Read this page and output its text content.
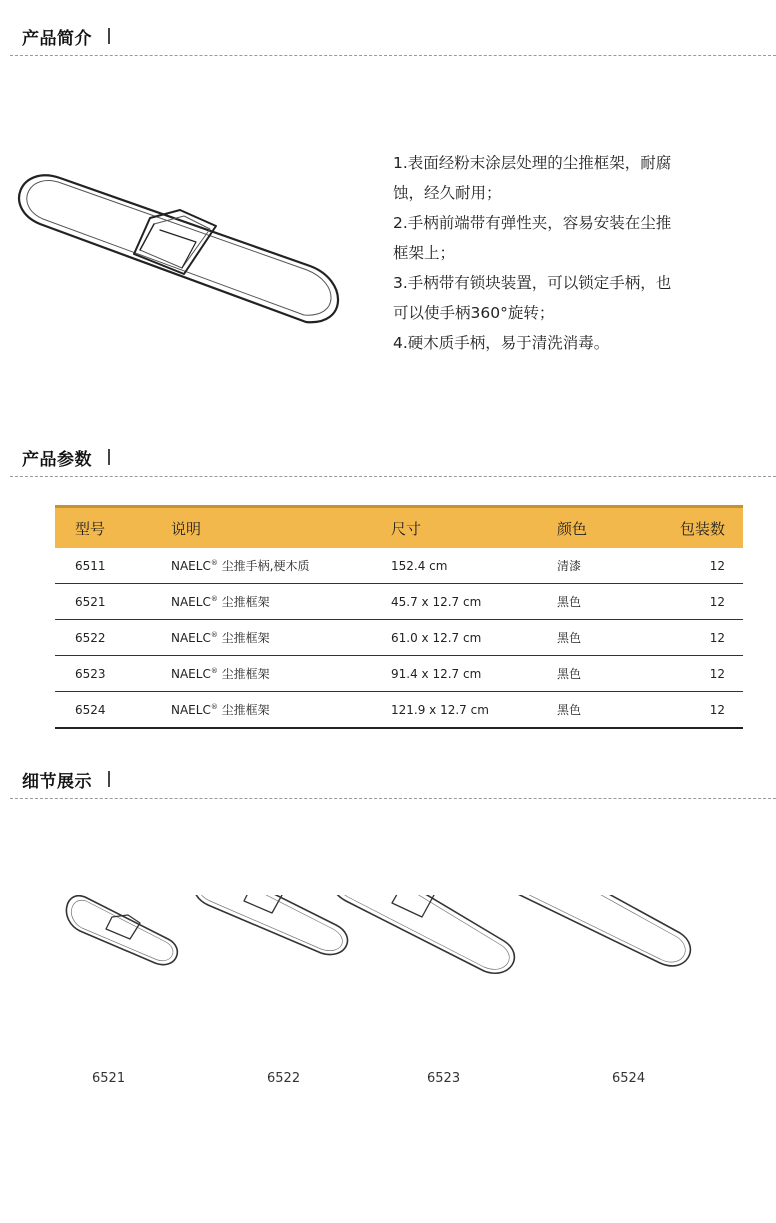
产品简介
1.表面经粉末涂层处理的尘推框架，耐腐
蚀，经久耐用；
2.手柄前端带有弹性夹，容易安装在尘推
框架上；
3.手柄带有锁块装置，可以锁定手柄，也
可以使手柄360°旋转；
4.硬木质手柄，易于清洗消毒。
产品参数
型号	说明	尺寸	颜色	包装数
6511	NAELC® 尘推手柄,梗木质	152.4 cm	清漆	12
6521	NAELC® 尘推框架	45.7 x 12.7 cm	黑色	12
6522	NAELC® 尘推框架	61.0 x 12.7 cm	黑色	12
6523	NAELC® 尘推框架	91.4 x 12.7 cm	黑色	12
6524	NAELC® 尘推框架	121.9 x 12.7 cm	黑色	12
细节展示
6521	6522	6523	6524
